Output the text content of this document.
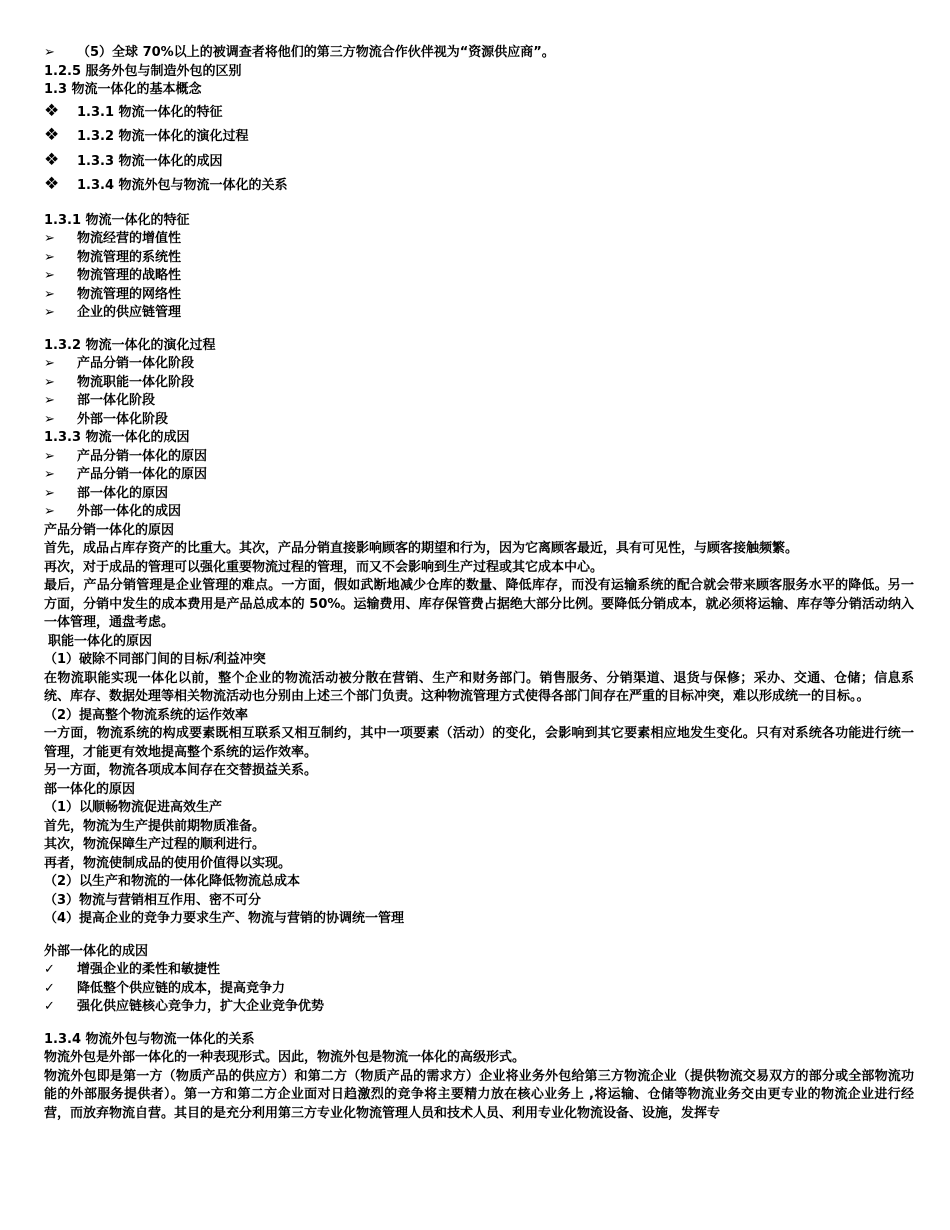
➢ （5）全球 70%以上的被调查者将他们的第三方物流合作伙伴视为“资源供应商”。
1.2.5 服务外包与制造外包的区别
1.3 物流一体化的基本概念
❖ 1.3.1 物流一体化的特征
❖ 1.3.2 物流一体化的演化过程
❖ 1.3.3 物流一体化的成因
❖ 1.3.4 物流外包与物流一体化的关系
1.3.1 物流一体化的特征
➢ 物流经营的增值性
➢ 物流管理的系统性
➢ 物流管理的战略性
➢ 物流管理的网络性
➢ 企业的供应链管理
1.3.2 物流一体化的演化过程
➢ 产品分销一体化阶段
➢ 物流职能一体化阶段
➢ 部一体化阶段
➢ 外部一体化阶段
1.3.3 物流一体化的成因
➢ 产品分销一体化的原因
➢ 产品分销一体化的原因
➢ 部一体化的原因
➢ 外部一体化的成因
产品分销一体化的原因
首先，成品占库存资产的比重大。其次，产品分销直接影响顾客的期望和行为，因为它离顾客最近，具有可见性，与顾客接触频繁。
再次，对于成品的管理可以强化重要物流过程的管理，而又不会影响到生产过程或其它成本中心。
最后，产品分销管理是企业管理的难点。一方面，假如武断地减少仓库的数量、降低库存，而没有运输系统的配合就会带来顾客服务水平的降低。另一方面，分销中发生的成本费用是产品总成本的 50%。运输费用、库存保管费占据绝大部分比例。要降低分销成本，就必须将运输、库存等分销活动纳入一体管理，通盘考虑。
职能一体化的原因
（1）破除不同部门间的目标/利益冲突
在物流职能实现一体化以前，整个企业的物流活动被分散在营销、生产和财务部门。销售服务、分销渠道、退货与保修；采办、交通、仓储；信息系统、库存、数据处理等相关物流活动也分别由上述三个部门负责。这种物流管理方式使得各部门间存在严重的目标冲突，难以形成统一的目标。。
（2）提高整个物流系统的运作效率
一方面，物流系统的构成要素既相互联系又相互制约，其中一项要素（活动）的变化，会影响到其它要素相应地发生变化。只有对系统各功能进行统一管理，才能更有效地提高整个系统的运作效率。
另一方面，物流各项成本间存在交替损益关系。
部一体化的原因
（1）以顺畅物流促进高效生产
首先，物流为生产提供前期物质准备。
其次，物流保障生产过程的顺利进行。
再者，物流使制成品的使用价值得以实现。
（2）以生产和物流的一体化降低物流总成本
（3）物流与营销相互作用、密不可分
（4）提高企业的竞争力要求生产、物流与营销的协调统一管理
外部一体化的成因
✓ 增强企业的柔性和敏捷性
✓ 降低整个供应链的成本，提高竞争力
✓ 强化供应链核心竞争力，扩大企业竞争优势
1.3.4 物流外包与物流一体化的关系
物流外包是外部一体化的一种表现形式。因此，物流外包是物流一体化的高级形式。
物流外包即是第一方（物质产品的供应方）和第二方（物质产品的需求方）企业将业务外包给第三方物流企业（提供物流交易双方的部分或全部物流功能的外部服务提供者）。第一方和第二方企业面对日趋激烈的竞争将主要精力放在核心业务上 ,将运输、仓储等物流业务交由更专业的物流企业进行经营，而放弃物流自营。其目的是充分利用第三方专业化物流管理人员和技术人员、利用专业化物流设备、设施，发挥专
